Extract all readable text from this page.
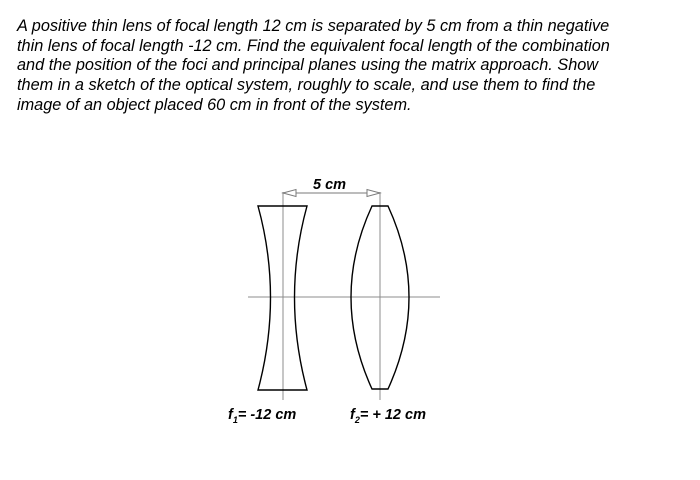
A positive thin lens of focal length 12 cm is separated by 5 cm from a thin negative
thin lens of focal length -12 cm. Find the equivalent focal length of the combination
and the position of the foci and principal planes using the matrix approach. Show
them in a sketch of the optical system, roughly to scale, and use them to find the
image of an object placed 60 cm in front of the system.
5 cm
$f_1= -12$ cm	$f_2= + 12$ cm
